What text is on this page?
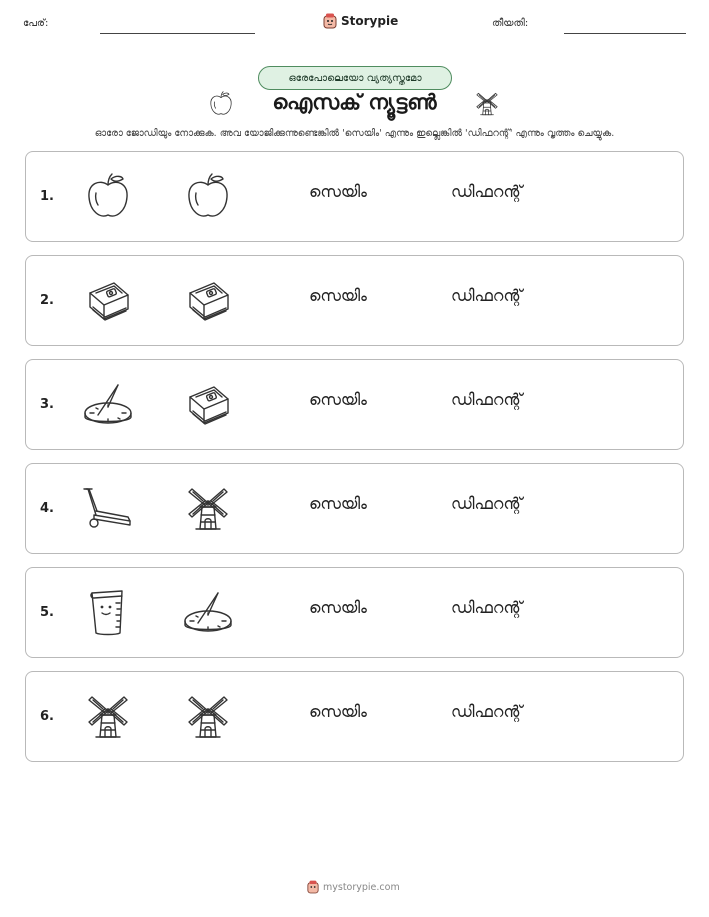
പേര്:	Storypie	തീയതി:
ഒരേപോലെയോ വ്യത്യസ്തമോ
ഐസക് ന്യൂട്ടൺ
ഓരോ ജോഡിയും നോക്കുക. അവ യോജിക്കുന്നുണ്ടെങ്കിൽ 'സെയിം' എന്നും ഇല്ലെങ്കിൽ 'ഡിഫറന്റ്' എന്നും വൃത്തം ചെയ്യുക.
1.	സെയിം	ഡിഫറന്റ്
2.	സെയിം	ഡിഫറന്റ്
3.	സെയിം	ഡിഫറന്റ്
4.	സെയിം	ഡിഫറന്റ്
5.	സെയിം	ഡിഫറന്റ്
6.	സെയിം	ഡിഫറന്റ്
mystorypie.com
